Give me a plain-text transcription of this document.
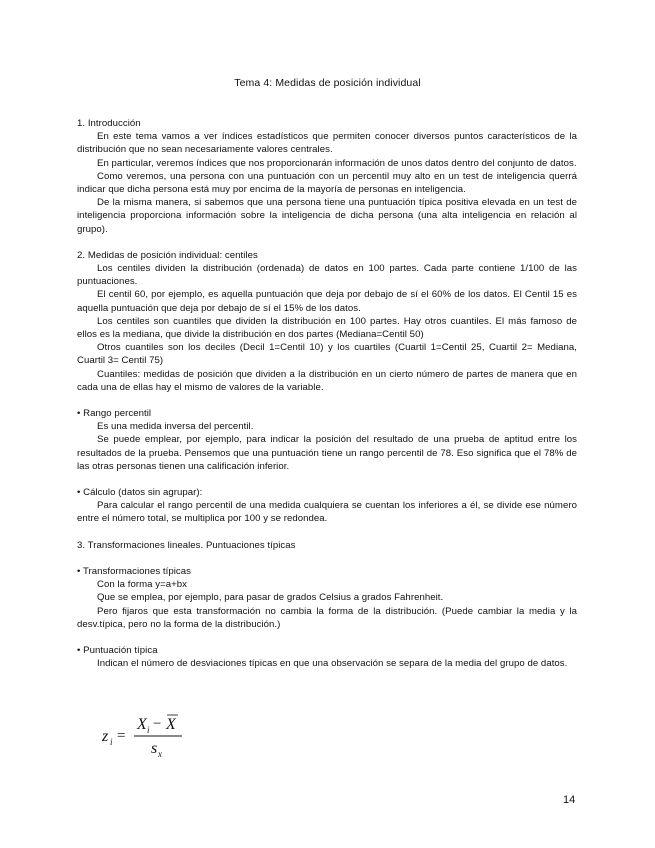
Tema 4: Medidas de posición individual
1. Introducción
En este tema vamos a ver índices estadísticos que permiten conocer diversos puntos característicos de la distribución que no sean necesariamente valores centrales.
En particular, veremos índices que nos proporcionarán información de unos datos dentro del conjunto de datos.
Como veremos, una persona con una puntuación con un percentil muy alto en un test de inteligencia querrá indicar que dicha persona está muy por encima de la mayoría de personas en inteligencia.
De la misma manera, si sabemos que una persona tiene una puntuación típica positiva elevada en un test de inteligencia proporciona información sobre la inteligencia de dicha persona (una alta inteligencia en relación al grupo).
2. Medidas de posición individual: centiles
Los centiles dividen la distribución (ordenada) de datos en 100 partes. Cada parte contiene 1/100 de las puntuaciones.
El centil 60, por ejemplo, es aquella puntuación que deja por debajo de sí el 60% de los datos. El Centil 15 es aquella puntuación que deja por debajo de sí el 15% de los datos.
Los centiles son cuantiles que dividen la distribución en 100 partes. Hay otros cuantiles. El más famoso de ellos es la mediana, que divide la distribución en dos partes (Mediana=Centil 50)
Otros cuantiles son los deciles (Decil 1=Centil 10) y los cuartiles (Cuartil 1=Centil 25, Cuartil 2= Mediana, Cuartil 3= Centil 75)
Cuantiles: medidas de posición que dividen a la distribución en un cierto número de partes de manera que en cada una de ellas hay el mismo de valores de la variable.
• Rango percentil
Es una medida inversa del percentil.
Se puede emplear, por ejemplo, para indicar la posición del resultado de una prueba de aptitud entre los resultados de la prueba. Pensemos que una puntuación tiene un rango percentil de 78. Eso significa que el 78% de las otras personas tienen una calificación inferior.
• Cálculo (datos sin agrupar):
Para calcular el rango percentil de una medida cualquiera se cuentan los inferiores a él, se divide ese número entre el número total, se multiplica por 100 y se redondea.
3. Transformaciones lineales. Puntuaciones típicas
• Transformaciones típicas
Con la forma y=a+bx
Que se emplea, por ejemplo, para pasar de grados Celsius a grados Fahrenheit.
Pero fijaros que esta transformación no cambia la forma de la distribución. (Puede cambiar la media y la desv.típica, pero no la forma de la distribución.)
• Puntuación típica
Indican el número de desviaciones típicas en que una observación se separa de la media del grupo de datos.
z i =
X i − X
s x
14
